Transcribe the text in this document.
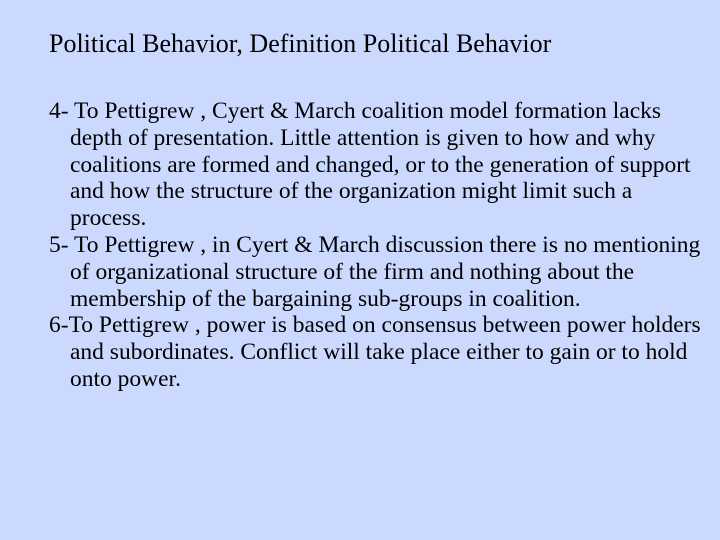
Political Behavior, Definition Political Behavior

4- To Pettigrew , Cyert & March coalition model formation lacks depth of presentation. Little attention is given to how and why coalitions are formed and changed, or to the generation of support and how the structure of the organization might limit such a process.

5- To Pettigrew , in Cyert & March discussion there is no mentioning of organizational structure of the firm and nothing about the membership of the bargaining sub-groups in coalition.

6-To Pettigrew , power is based on consensus between power holders and subordinates. Conflict will take place either to gain or to hold onto power.
